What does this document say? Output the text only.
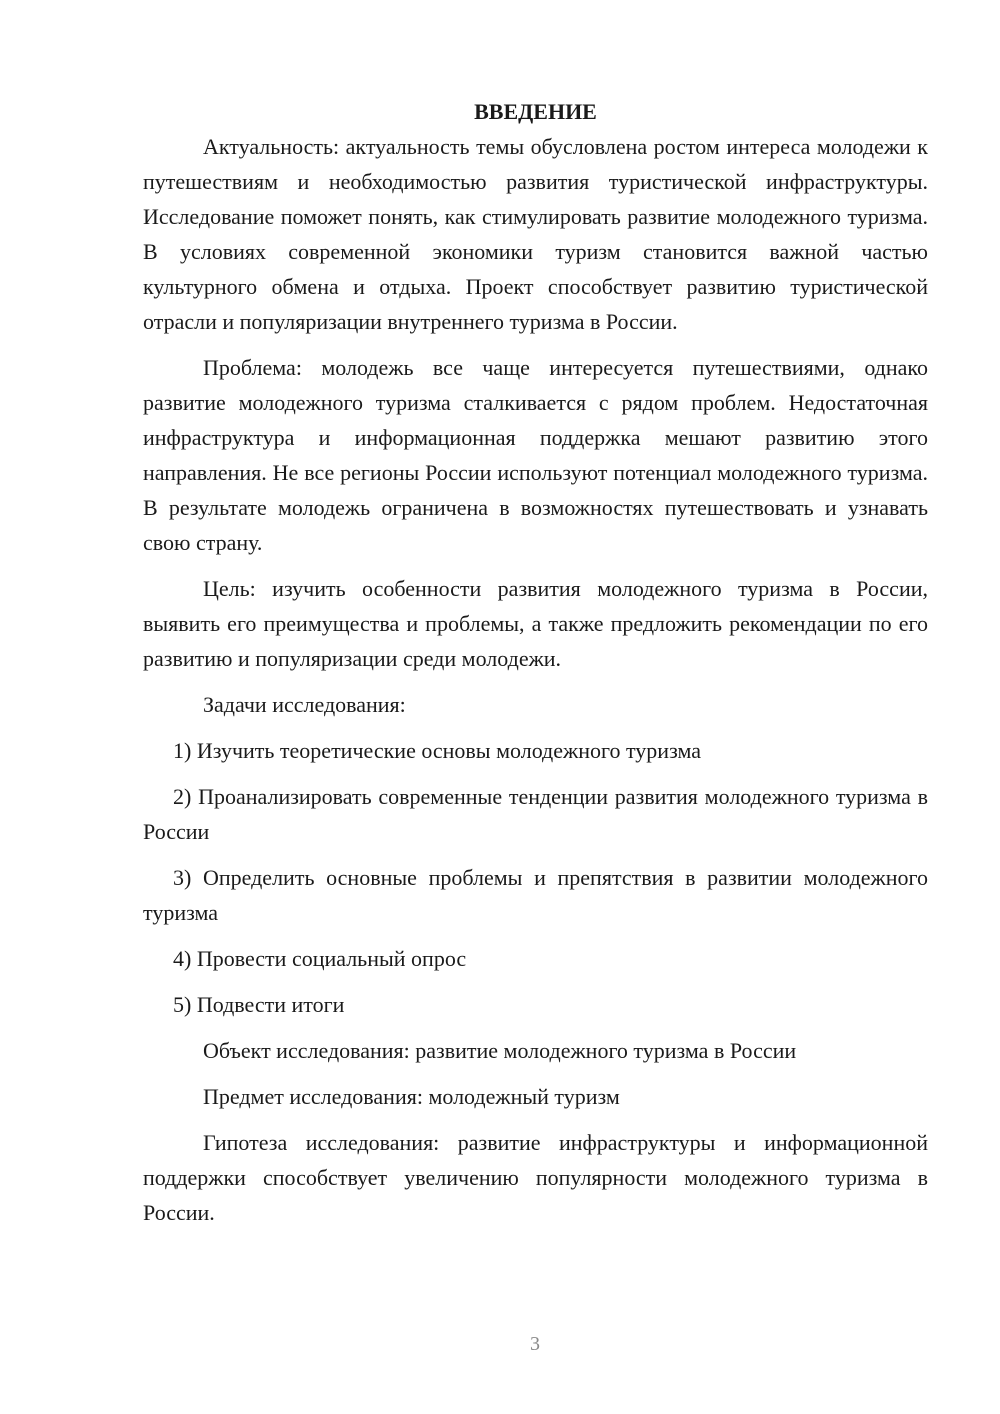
ВВЕДЕНИЕ

Актуальность: актуальность темы обусловлена ростом интереса молодежи к путешествиям и необходимостью развития туристической инфраструктуры. Исследование поможет понять, как стимулировать развитие молодежного туризма. В условиях современной экономики туризм становится важной частью культурного обмена и отдыха. Проект способствует развитию туристической отрасли и популяризации внутреннего туризма в России.

Проблема: молодежь все чаще интересуется путешествиями, однако развитие молодежного туризма сталкивается с рядом проблем. Недостаточная инфраструктура и информационная поддержка мешают развитию этого направления. Не все регионы России используют потенциал молодежного туризма. В результате молодежь ограничена в возможностях путешествовать и узнавать свою страну.

Цель: изучить особенности развития молодежного туризма в России, выявить его преимущества и проблемы, а также предложить рекомендации по его развитию и популяризации среди молодежи.

Задачи исследования:

1) Изучить теоретические основы молодежного туризма

2) Проанализировать современные тенденции развития молодежного туризма в России

3) Определить основные проблемы и препятствия в развитии молодежного туризма

4) Провести социальный опрос

5) Подвести итоги

Объект исследования: развитие молодежного туризма в России

Предмет исследования: молодежный туризм

Гипотеза исследования: развитие инфраструктуры и информационной поддержки способствует увеличению популярности молодежного туризма в России.

3
